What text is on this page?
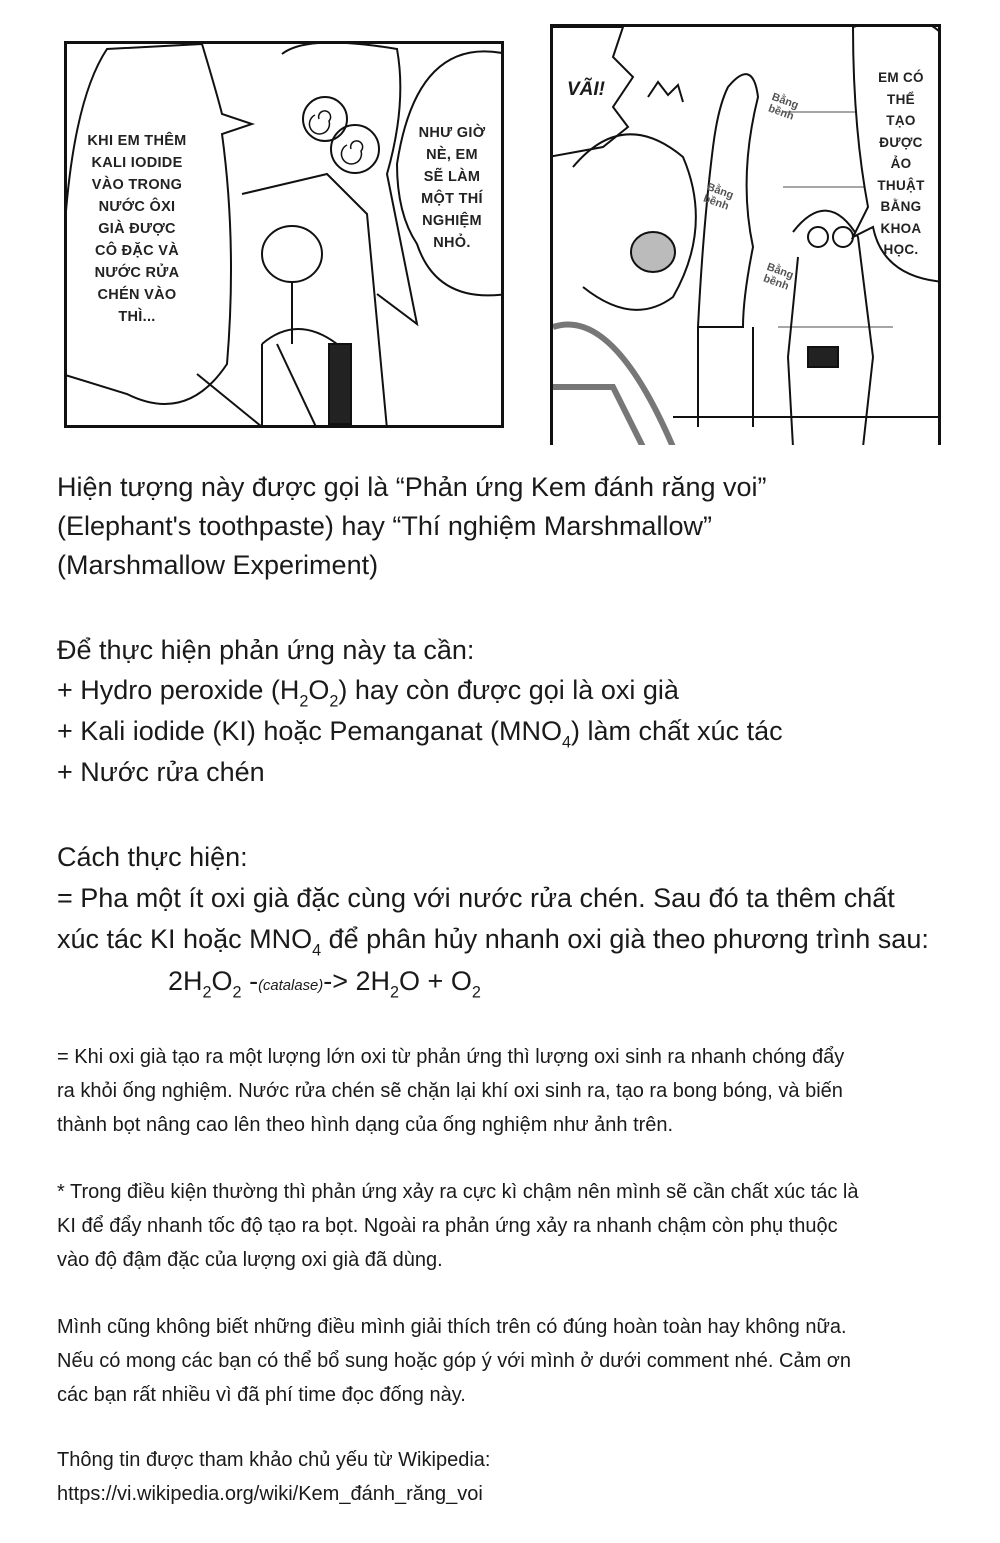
KHI EM THÊM
KALI IODIDE
VÀO TRONG
NƯỚC ÔXI
GIÀ ĐƯỢC
CÔ ĐẶC VÀ
NƯỚC RỬA
CHÉN VÀO
THÌ...
NHƯ GIỜ
NÈ, EM
SẼ LÀM
MỘT THÍ
NGHIỆM
NHỎ.
VÃI!
Bằng bềnh
Bằng bềnh
Bằng bềnh
EM CÓ
THỂ
TẠO
ĐƯỢC
ẢO
THUẬT
BẰNG
KHOA
HỌC.
Hiện tượng này được gọi là “Phản ứng Kem đánh răng voi”
(Elephant's toothpaste) hay “Thí nghiệm Marshmallow”
(Marshmallow Experiment)
Để thực hiện phản ứng này ta cần:
+ Hydro peroxide $(H_2O_2)$ hay còn được gọi là oxi già
+ Kali iodide (KI) hoặc Pemanganat $(MNO_4)$ làm chất xúc tác
+ Nước rửa chén
Cách thực hiện:
= Pha một ít oxi già đặc cùng với nước rửa chén. Sau đó ta thêm chất
xúc tác KI hoặc $MNO_4$ để phân hủy nhanh oxi già theo phương trình sau:
$2H_2O_2$ -(catalase)-> $2H_2O + O_2$
= Khi oxi già tạo ra một lượng lớn oxi từ phản ứng thì lượng oxi sinh ra nhanh chóng đẩy
ra khỏi ống nghiệm. Nước rửa chén sẽ chặn lại khí oxi sinh ra, tạo ra bong bóng, và biến
thành bọt nâng cao lên theo hình dạng của ống nghiệm như ảnh trên.
* Trong điều kiện thường thì phản ứng xảy ra cực kì chậm nên mình sẽ cần chất xúc tác là
KI để đẩy nhanh tốc độ tạo ra bọt. Ngoài ra phản ứng xảy ra nhanh chậm còn phụ thuộc
vào độ đậm đặc của lượng oxi già đã dùng.
Mình cũng không biết những điều mình giải thích trên có đúng hoàn toàn hay không nữa.
Nếu có mong các bạn có thể bổ sung hoặc góp ý với mình ở dưới comment nhé. Cảm ơn
các bạn rất nhiều vì đã phí time đọc đống này.
Thông tin được tham khảo chủ yếu từ Wikipedia:
https://vi.wikipedia.org/wiki/Kem_đánh_răng_voi
